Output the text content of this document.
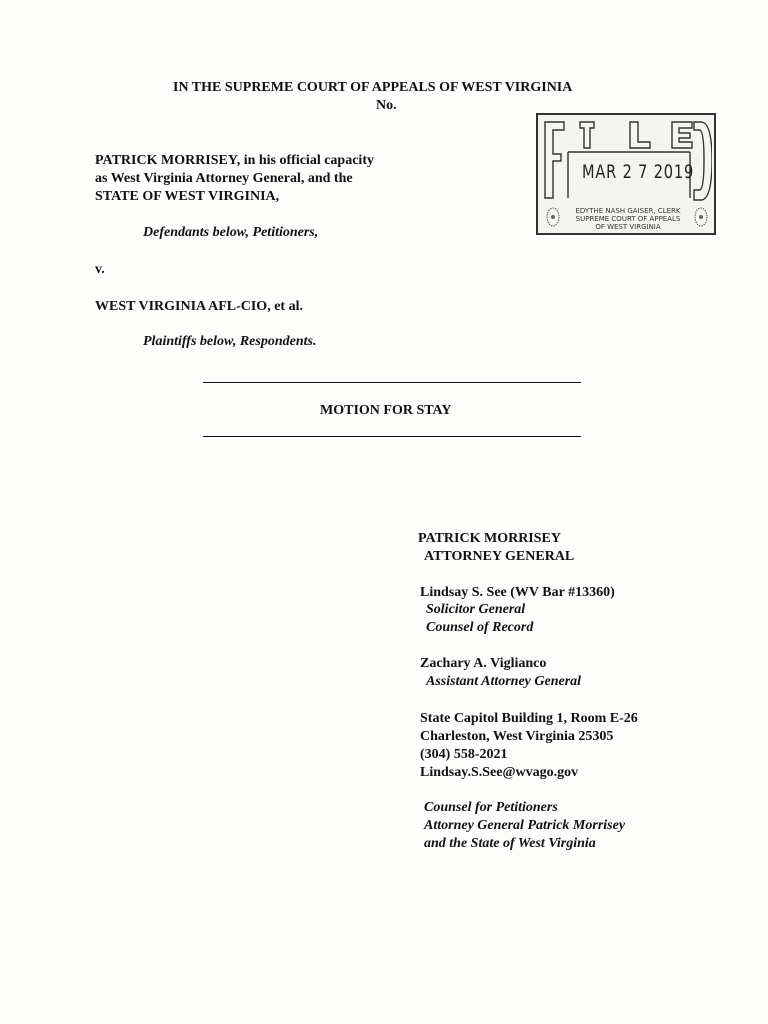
IN THE SUPREME COURT OF APPEALS OF WEST VIRGINIA
No.
PATRICK MORRISEY, in his official capacity
as West Virginia Attorney General, and the
STATE OF WEST VIRGINIA,
Defendants below, Petitioners,
v.
WEST VIRGINIA AFL-CIO, et al.
Plaintiffs below, Respondents.
MAR 2 7 2019
EDYTHE NASH GAISER, CLERK
SUPREME COURT OF APPEALS
OF WEST VIRGINIA
MOTION FOR STAY
PATRICK MORRISEY
ATTORNEY GENERAL
Lindsay S. See (WV Bar #13360)
Solicitor General
Counsel of Record
Zachary A. Viglianco
Assistant Attorney General
State Capitol Building 1, Room E-26
Charleston, West Virginia 25305
(304) 558-2021
Lindsay.S.See@wvago.gov
Counsel for Petitioners
Attorney General Patrick Morrisey
and the State of West Virginia
